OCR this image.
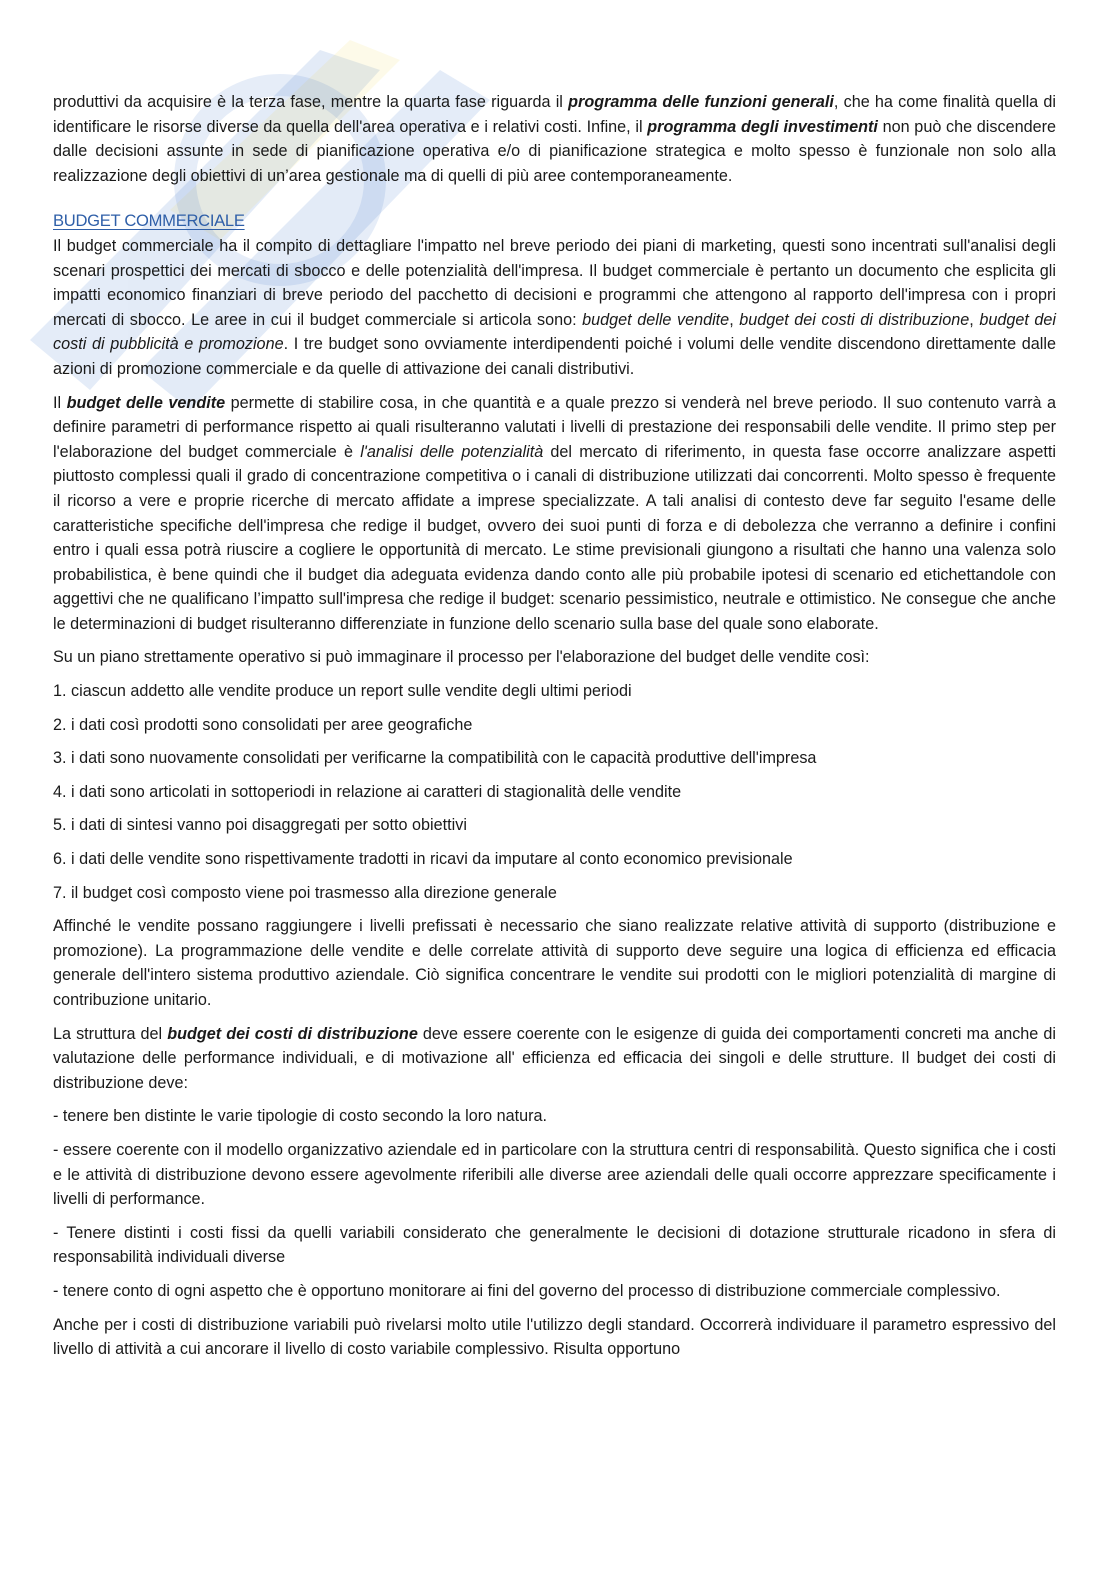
produttivi da acquisire è la terza fase, mentre la quarta fase riguarda il programma delle funzioni generali, che ha come finalità quella di identificare le risorse diverse da quella dell'area operativa e i relativi costi. Infine, il programma degli investimenti non può che discendere dalle decisioni assunte in sede di pianificazione operativa e/o di pianificazione strategica e molto spesso è funzionale non solo alla realizzazione degli obiettivi di un’area gestionale ma di quelli di più aree contemporaneamente.

BUDGET COMMERCIALE

Il budget commerciale ha il compito di dettagliare l'impatto nel breve periodo dei piani di marketing, questi sono incentrati sull'analisi degli scenari prospettici dei mercati di sbocco e delle potenzialità dell'impresa. Il budget commerciale è pertanto un documento che esplicita gli impatti economico finanziari di breve periodo del pacchetto di decisioni e programmi che attengono al rapporto dell'impresa con i propri mercati di sbocco. Le aree in cui il budget commerciale si articola sono: budget delle vendite, budget dei costi di distribuzione, budget dei costi di pubblicità e promozione. I tre budget sono ovviamente interdipendenti poiché i volumi delle vendite discendono direttamente dalle azioni di promozione commerciale e da quelle di attivazione dei canali distributivi.

Il budget delle vendite permette di stabilire cosa, in che quantità e a quale prezzo si venderà nel breve periodo. Il suo contenuto varrà a definire parametri di performance rispetto ai quali risulteranno valutati i livelli di prestazione dei responsabili delle vendite. Il primo step per l'elaborazione del budget commerciale è l'analisi delle potenzialità del mercato di riferimento, in questa fase occorre analizzare aspetti piuttosto complessi quali il grado di concentrazione competitiva o i canali di distribuzione utilizzati dai concorrenti. Molto spesso è frequente il ricorso a vere e proprie ricerche di mercato affidate a imprese specializzate. A tali analisi di contesto deve far seguito l'esame delle caratteristiche specifiche dell'impresa che redige il budget, ovvero dei suoi punti di forza e di debolezza che verranno a definire i confini entro i quali essa potrà riuscire a cogliere le opportunità di mercato. Le stime previsionali giungono a risultati che hanno una valenza solo probabilistica, è bene quindi che il budget dia adeguata evidenza dando conto alle più probabile ipotesi di scenario ed etichettandole con aggettivi che ne qualificano l’impatto sull'impresa che redige il budget: scenario pessimistico, neutrale e ottimistico. Ne consegue che anche le determinazioni di budget risulteranno differenziate in funzione dello scenario sulla base del quale sono elaborate.

Su un piano strettamente operativo si può immaginare il processo per l'elaborazione del budget delle vendite così:

1. ciascun addetto alle vendite produce un report sulle vendite degli ultimi periodi

2. i dati così prodotti sono consolidati per aree geografiche

3. i dati sono nuovamente consolidati per verificarne la compatibilità con le capacità produttive dell'impresa

4. i dati sono articolati in sottoperiodi in relazione ai caratteri di stagionalità delle vendite

5. i dati di sintesi vanno poi disaggregati per sotto obiettivi

6. i dati delle vendite sono rispettivamente tradotti in ricavi da imputare al conto economico previsionale

7. il budget così composto viene poi trasmesso alla direzione generale

Affinché le vendite possano raggiungere i livelli prefissati è necessario che siano realizzate relative attività di supporto (distribuzione e promozione). La programmazione delle vendite e delle correlate attività di supporto deve seguire una logica di efficienza ed efficacia generale dell'intero sistema produttivo aziendale. Ciò significa concentrare le vendite sui prodotti con le migliori potenzialità di margine di contribuzione unitario.

La struttura del budget dei costi di distribuzione deve essere coerente con le esigenze di guida dei comportamenti concreti ma anche di valutazione delle performance individuali, e di motivazione all' efficienza ed efficacia dei singoli e delle strutture. Il budget dei costi di distribuzione deve:

- tenere ben distinte le varie tipologie di costo secondo la loro natura.

- essere coerente con il modello organizzativo aziendale ed in particolare con la struttura centri di responsabilità. Questo significa che i costi e le attività di distribuzione devono essere agevolmente riferibili alle diverse aree aziendali delle quali occorre apprezzare specificamente i livelli di performance.

- Tenere distinti i costi fissi da quelli variabili considerato che generalmente le decisioni di dotazione strutturale ricadono in sfera di responsabilità individuali diverse

- tenere conto di ogni aspetto che è opportuno monitorare ai fini del governo del processo di distribuzione commerciale complessivo.

Anche per i costi di distribuzione variabili può rivelarsi molto utile l'utilizzo degli standard. Occorrerà individuare il parametro espressivo del livello di attività a cui ancorare il livello di costo variabile complessivo. Risulta opportuno
